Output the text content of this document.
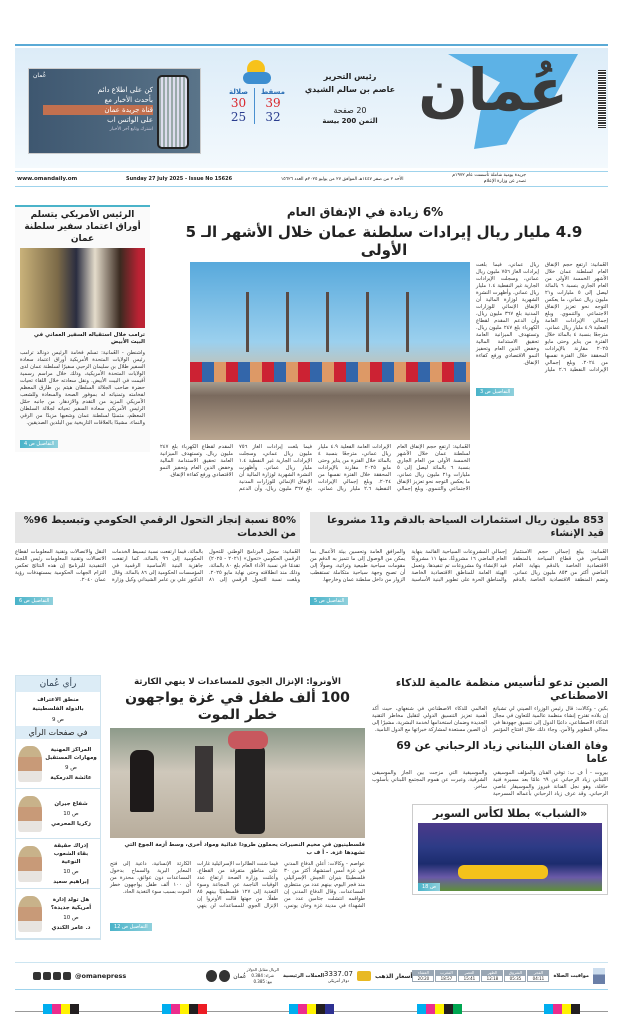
عُمان
رئيس التحرير
عاصم بن سالم الشيدي
20 صفحة
الثمن 200 بيسة
مسقط
39
32
صلالة
30
25
عُمان
كن على اطلاع دائم
بأحدث الأخبار مع
قناة جريدة عمان
على الواتس اب
اشترك وتابع آخر الأخبار
www.omandaily.om	Sunday 27 July 2025 - Issue No 15626	الأحد ٢ من صفر ١٤٤٧هـ الموافق ٢٧ من يوليو ٢٠٢٥م العدد ١٥٦٢٦
جريدة يومية شاملة تأسست عام ١٩٧٢م
تصدر عن وزارة الإعلام
6% زيادة في الإنفاق العام
4.9 مليار ريال إيرادات سلطنة عمان خلال الأشهر الـ 5 الأولى
العُمانية: ارتفع حجم الإنفاق العام لسلطنة عمان خلال الأشهر الخمسة الأولى من العام الجاري بنسبة ٦ بالمائة ليصل إلى ٥ مليارات و٢١ مليون ريال عماني، ما يعكس التوجه نحو تعزيز الإنفاق الاجتماعي والتنموي. وبلغ إجمالي الإيرادات العامة الفعلية ٤.٩ مليار ريال عماني، مترجعًا بنسبة ٤ بالمائة خلال الفترة من يناير وحتى مايو ٢٠٢٥ مقارنة بالإيرادات المحققة خلال الفترة نفسها من ٢٠٢٤. وبلغ إجمالي الإيرادات النفطية ٢.٦ مليار ريال عماني، فيما بلغت إيرادات الغاز ٧٥٦ مليون ريال عماني، وسجلت الإيرادات الجارية غير النفطية ١.٤ مليار ريال عماني. وأظهرت النشرة الشهرية لوزارة المالية أن الإنفاق الإنمائي للوزارات المدنية بلغ ٣٦٧ مليون ريال، وأن الدعم المقدم لقطاع الكهرباء بلغ ٢٤٧ مليون ريال. وتستهدف الميزانية العامة تحقيق الاستدامة المالية وخفض الدين العام وتحفيز النمو الاقتصادي ورفع كفاءة الإنفاق.
التفاصيل ص 3
العُمانية: ارتفع حجم الإنفاق العام لسلطنة عمان خلال الأشهر الخمسة الأولى من العام الجاري بنسبة ٦ بالمائة ليصل إلى ٥ مليارات و٢١ مليون ريال عماني، ما يعكس التوجه نحو تعزيز الإنفاق الاجتماعي والتنموي. وبلغ إجمالي الإيرادات العامة الفعلية ٤.٩ مليار ريال عماني، مترجعًا بنسبة ٤ بالمائة خلال الفترة من يناير وحتى مايو ٢٠٢٥ مقارنة بالإيرادات المحققة خلال الفترة نفسها من ٢٠٢٤. وبلغ إجمالي الإيرادات النفطية ٢.٦ مليار ريال عماني، فيما بلغت إيرادات الغاز ٧٥٦ مليون ريال عماني، وسجلت الإيرادات الجارية غير النفطية ١.٤ مليار ريال عماني. وأظهرت النشرة الشهرية لوزارة المالية أن الإنفاق الإنمائي للوزارات المدنية بلغ ٣٦٧ مليون ريال، وأن الدعم المقدم لقطاع الكهرباء بلغ ٢٤٧ مليون ريال. وتستهدف الميزانية العامة تحقيق الاستدامة المالية وخفض الدين العام وتحفيز النمو الاقتصادي ورفع كفاءة الإنفاق.
الرئيس الأمريكي يتسلم
أوراق اعتماد سفير سلطنة عمان
ترامب خلال استقباله السفير العماني في البيت الأبيض
واشنطن - العُمانية: تسلم فخامة الرئيس دونالد ترامب رئيس الولايات المتحدة الأمريكية أوراق اعتماد سعادة السفير طلال بن سليمان الرحبي سفيرًا لسلطنة عمان لدى الولايات المتحدة الأمريكية، وذلك خلال مراسم رسمية أقيمت في البيت الأبيض. ونقل سعادته خلال اللقاء تحيات حضرة صاحب الجلالة السلطان هيثم بن طارق المعظم لفخامته وتمنياته له بموفور الصحة والسعادة وللشعب الأمريكي المزيد من التقدم والازدهار. من جانبه حمّل الرئيس الأمريكي سعادة السفير تحياته لجلالة السلطان المعظم، متمنيًا لسلطنة عمان وشعبها مزيدًا من الرقي والنماء، مشيدًا بالعلاقات التاريخية بين البلدين الصديقين.
التفاصيل ص 4
853 مليون ريال استثمارات السياحة بالدقم و11 مشروعا قيد الإنشاء
العُمانية: يبلغ إجمالي حجم الاستثمار السياحي في قطاع السياحة بالمنطقة الاقتصادية الخاصة بالدقم بنهاية العام الماضي أكثر من ٨٥٣ مليون ريال عماني. وتضم المنطقة الاقتصادية الخاصة بالدقم إجمالي المشروعات السياحية القائمة بنهاية العام الماضي ١٦ مشروعًا، منها ١١ مشروعًا قيد الإنشاء و٥ مشروعات تم تنفيذها. وتعمل الهيئة العامة للمناطق الاقتصادية الخاصة والمناطق الحرة على تطوير البنية الأساسية والمرافق العامة وتحسين بيئة الأعمال بما يمكن من الوصول إلى ما تتميز به الدقم من مقومات سياحية طبيعية وتراثية، وصولًا إلى أن تصبح وجهة سياحية متكاملة تستقطب الزوار من داخل سلطنة عمان وخارجها.
التفاصيل ص 5
80% نسبة إنجاز التحول الرقمي الحكومي وتبسيط 96% من الخدمات
العُمانية: سجل البرنامج الوطني للتحول الرقمي الحكومي «تحول» (٢٠٢١ - ٢٠٢٥) تقدمًا في نسبة الأداء العام بلغ ٨٠ بالمائة، وذلك منذ انطلاقته وحتى نهاية مايو ٢٠٢٥. وبلغت نسبة التحول الرقمي إلى ٨١ بالمائة، فيما ارتفعت نسبة تبسيط الخدمات الحكومية إلى ٩٦ بالمائة، كما ارتفعت جاهزية البنية الأساسية الرقمية في المؤسسات الحكومية إلى ٨٦ بالمائة. وقال الدكتور علي بن عامر الشيذاني وكيل وزارة النقل والاتصالات وتقنية المعلومات لقطاع الاتصالات وتقنية المعلومات رئيس اللجنة التنفيذية للبرنامج إن هذه النتائج تعكس التزام الجهات الحكومية بمستهدفات رؤية عمان ٢٠٤٠.
التفاصيل ص 6
رأي عُمان
منطق الاعتراف
بالدولة الفلسطينية
ص 9
في صفحات الرأي
المراكز المهنية
ومهارات المستقبل
ص 9
عائشة الدرمكية
شفاع جيران
ص 10
زكريا المحرمي
إدراك حقيقة
بقاء الشعوب النوعية
ص 10
إبراهيم سعيد
هل تولد إدارة
أمريكية جديدة؟
ص 10
د. عامر الكندي
الأونروا: الإنزال الجوي للمساعدات لا ينهي الكارثة
100 ألف طفل في غزة يواجهون خطر الموت
فلسطينيون في مخيم النصيرات يحملون طرودا غذائية ومواد أخرى، وسط أزمة الجوع التي تشهدها غزة. - أ ف ب
عواصم - وكالات: أعلن الدفاع المدني في غزة أمس استشهاد أكثر من ٣٠ فلسطينيًا بنيران الجيش الإسرائيلي منذ فجر اليوم، بينهم عدد من منتظري المساعدات. وقال الدفاع المدني إن طواقمه انتشلت جثامين عدد من الشهداء في مدينة غزة وخان يونس، فيما شنت الطائرات الإسرائيلية غارات على مناطق متفرقة من القطاع. وأعلنت وزارة الصحة ارتفاع عدد الوفيات الناجمة عن المجاعة وسوء التغذية إلى ١٢٧ فلسطينيًا بينهم ٨٥ طفلًا. من جهتها قالت الأونروا إن الإنزال الجوي للمساعدات لن ينهي الكارثة الإنسانية، داعية إلى فتح المعابر البرية والسماح بدخول المساعدات دون عوائق، محذرة من أن ١٠٠ ألف طفل يواجهون خطر الموت بسبب سوء التغذية الحاد.
التفاصيل ص 12
الصين تدعو لتأسيس منظمة عالمية للذكاء الاصطناعي
بكين - وكالات: قال رئيس الوزراء الصيني لي تشيانغ إن بلاده تقترح إنشاء منظمة عالمية للتعاون في مجال الذكاء الاصطناعي، داعيًا الدول إلى تنسيق جهودها في مجالي التطوير والأمن. وجاء ذلك خلال افتتاح المؤتمر العالمي للذكاء الاصطناعي في شنغهاي، حيث أكد أهمية تعزيز التنسيق الدولي لتقليل مخاطر التقنية الجديدة وضمان استخدامها لخدمة البشرية، مشيرًا إلى أن الصين مستعدة لمشاركة خبراتها مع الدول النامية.
وفاة الفنان اللبناني زياد الرحباني عن 69 عاما
بيروت - أ ف ب: توفي الفنان والمؤلف الموسيقي اللبناني زياد الرحباني عن ٦٩ عامًا بعد مسيرة فنية حافلة، وهو نجل الفنانة فيروز والموسيقار عاصي الرحباني. وقد عرف زياد الرحباني بأعماله المسرحية والموسيقية التي مزجت بين الجاز والموسيقى الشرقية، وعبرت عن هموم المجتمع اللبناني بأسلوب ساخر.
«الشباب» بطلا لكأس السوبر
ص 18
مواقيت الصلاة
الفجر
04:11
الشروق
05:35
الظهر
12:18
العصر
15:41
المغرب
18:57
العشاء
20:20
أسعار الذهب
3337.07
دولار أمريكي
العملات الرئيسية
الريال مقابل الدولار
شراء: 0.384
بيع: 0.385
عُمان
@omanepress
